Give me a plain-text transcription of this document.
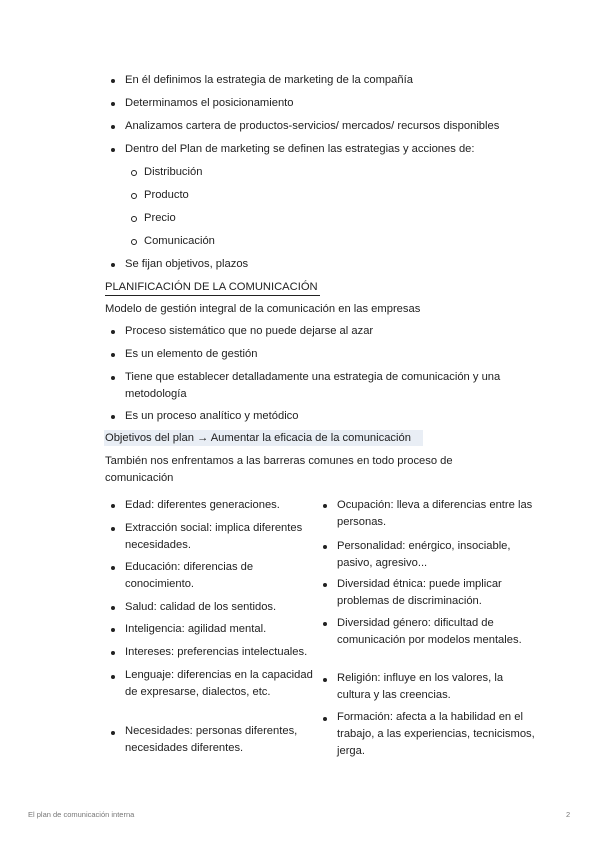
En él definimos la estrategia de marketing de la compañía
Determinamos el posicionamiento
Analizamos cartera de productos-servicios/ mercados/ recursos disponibles
Dentro del Plan de marketing se definen las estrategias y acciones de:
Distribución
Producto
Precio
Comunicación
Se fijan objetivos, plazos
PLANIFICACIÓN DE LA COMUNICACIÓN
Modelo de gestión integral de la comunicación en las empresas
Proceso sistemático que no puede dejarse al azar
Es un elemento de gestión
Tiene que establecer detalladamente una estrategia de comunicación y una metodología
Es un proceso analítico y metódico
Objetivos del plan → Aumentar la eficacia de la comunicación
También nos enfrentamos a las barreras comunes en todo proceso de comunicación
Edad: diferentes generaciones.
Extracción social: implica diferentes necesidades.
Educación: diferencias de conocimiento.
Salud: calidad de los sentidos.
Inteligencia: agilidad mental.
Intereses: preferencias intelectuales.
Lenguaje: diferencias en la capacidad de expresarse, dialectos, etc.
Necesidades: personas diferentes, necesidades diferentes.
Ocupación: lleva a diferencias entre las personas.
Personalidad: enérgico, insociable, pasivo, agresivo...
Diversidad étnica: puede implicar problemas de discriminación.
Diversidad género: dificultad de comunicación por modelos mentales.
Religión: influye en los valores, la cultura y las creencias.
Formación: afecta a la habilidad en el trabajo, a las experiencias, tecnicismos, jerga.
El plan de comunicación interna	2
